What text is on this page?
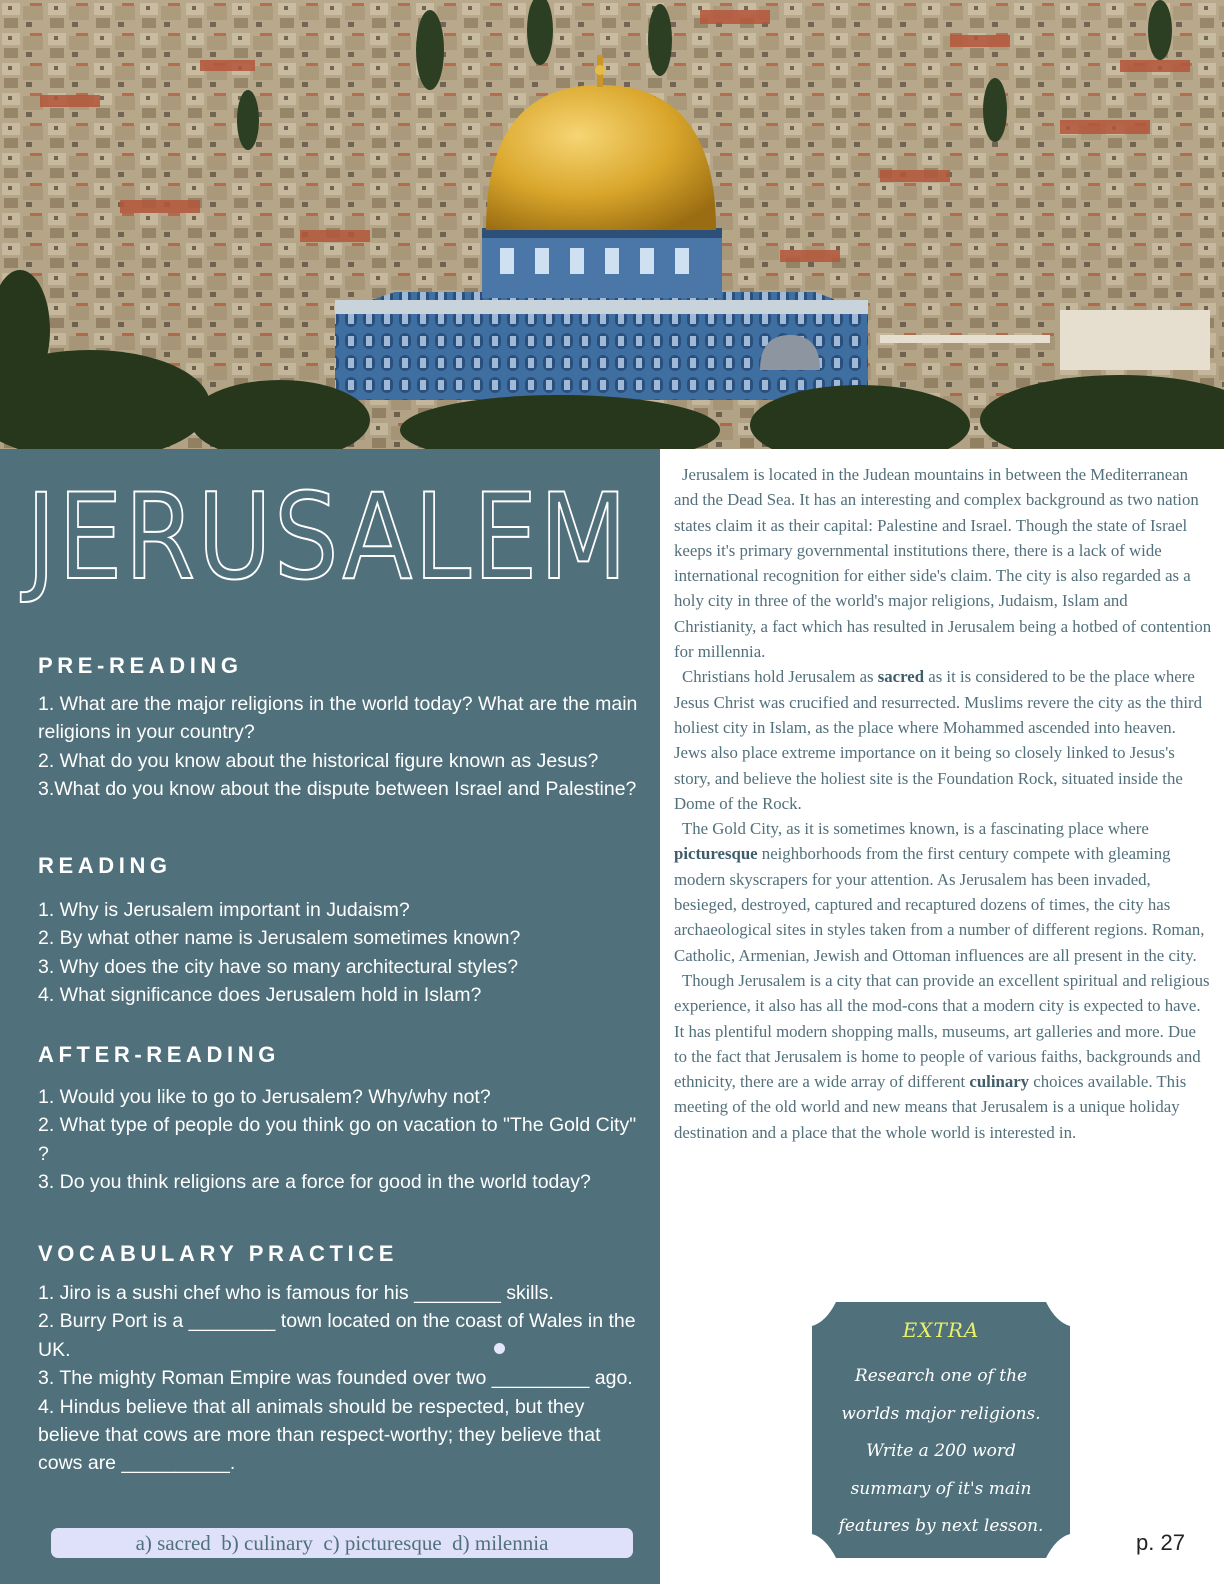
JERUSALEM
PRE-READING
1. What are the major religions in the world today? What are the main religions in your country?
2. What do you know about the historical figure known as Jesus?
3.What do you know about the dispute between Israel and Palestine?
READING
1. Why is Jerusalem important in Judaism?
2. By what other name is Jerusalem sometimes known?
3. Why does the city have so many architectural styles?
4. What significance does Jerusalem hold in Islam?
AFTER-READING
1. Would you like to go to Jerusalem? Why/why not?
2. What type of people do you think go on vacation to "The Gold City" ?
3. Do you think religions are a force for good in the world today?
VOCABULARY PRACTICE
1. Jiro is a sushi chef who is famous for his ________ skills.
2. Burry Port is a ________ town located on the coast of Wales in the UK.
3. The mighty Roman Empire was founded over two _________ ago.
4. Hindus believe that all animals should be respected, but they believe that cows are more than respect-worthy; they believe that cows are __________.
a) sacred  b) culinary  c) picturesque  d) milennia

Jerusalem is located in the Judean mountains in between the Mediterranean and the Dead Sea. It has an interesting and complex background as two nation states claim it as their capital: Palestine and Israel. Though the state of Israel keeps it's primary governmental institutions there, there is a lack of wide international recognition for either side's claim. The city is also regarded as a holy city in three of the world's major religions, Judaism, Islam and Christianity, a fact which has resulted in Jerusalem being a hotbed of contention for millennia.

Christians hold Jerusalem as sacred as it is considered to be the place where Jesus Christ was crucified and resurrected. Muslims revere the city as the third holiest city in Islam, as the place where Mohammed ascended into heaven. Jews also place extreme importance on it being so closely linked to Jesus's story, and believe the holiest site is the Foundation Rock, situated inside the Dome of the Rock.

The Gold City, as it is sometimes known, is a fascinating place where picturesque neighborhoods from the first century compete with gleaming modern skyscrapers for your attention. As Jerusalem has been invaded, besieged, destroyed, captured and recaptured dozens of times, the city has archaeological sites in styles taken from a number of different regions. Roman, Catholic, Armenian, Jewish and Ottoman influences are all present in the city.

Though Jerusalem is a city that can provide an excellent spiritual and religious experience, it also has all the mod-cons that a modern city is expected to have. It has plentiful modern shopping malls, museums, art galleries and more. Due to the fact that Jerusalem is home to people of various faiths, backgrounds and ethnicity, there are a wide array of different culinary choices available. This meeting of the old world and new means that Jerusalem is a unique holiday destination and a place that the whole world is interested in.

EXTRA
Research one of the worlds major religions. Write a 200 word summary of it's main features by next lesson.
p. 27
